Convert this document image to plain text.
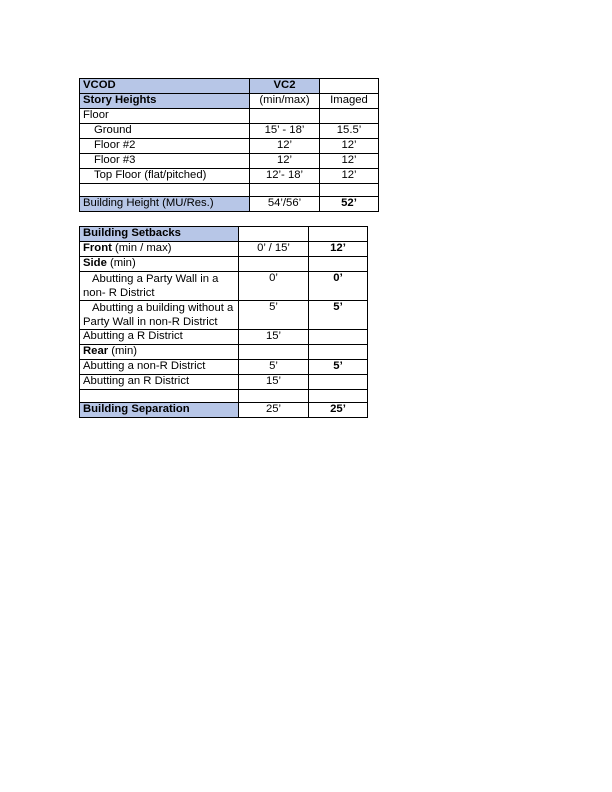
VCOD	VC2	
Story Heights	(min/max)	Imaged
Floor		
Ground	15’ - 18’	15.5’
Floor #2	12’	12’
Floor #3	12’	12’
Top Floor (flat/pitched)	12’- 18’	12’

Building Height (MU/Res.)	54’/56’	52’
Building Setbacks		
Front (min / max)	0’ / 15’	12’
Side (min)		
Abutting a Party Wall in a non- R District	0’	0’
Abutting a building without a Party Wall in non-R District	5’	5’
Abutting a R District	15’	
Rear (min)		
Abutting a non-R District	5’	5’
Abutting an R District	15’	

Building Separation	25’	25’
